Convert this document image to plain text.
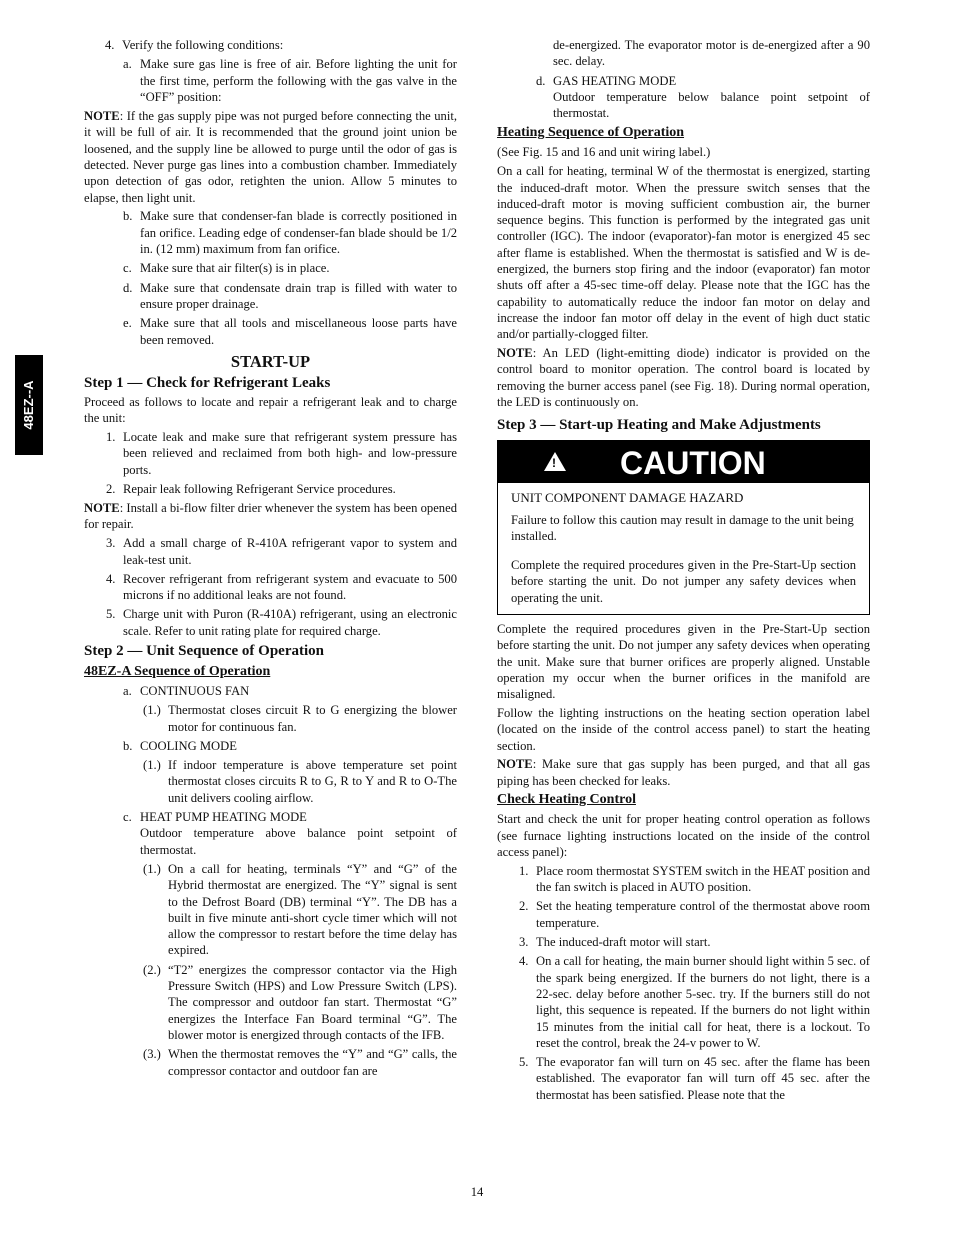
48EZ--A
4. Verify the following conditions:
a. Make sure gas line is free of air. Before lighting the unit for the first time, perform the following with the gas valve in the “OFF” position:

NOTE: If the gas supply pipe was not purged before connecting the unit, it will be full of air. It is recommended that the ground joint union be loosened, and the supply line be allowed to purge until the odor of gas is detected. Never purge gas lines into a combustion chamber. Immediately upon detection of gas odor, retighten the union. Allow 5 minutes to elapse, then light unit.

b. Make sure that condenser-fan blade is correctly positioned in fan orifice. Leading edge of condenser-fan blade should be 1/2 in. (12 mm) maximum from fan orifice.
c. Make sure that air filter(s) is in place.
d. Make sure that condensate drain trap is filled with water to ensure proper drainage.
e. Make sure that all tools and miscellaneous loose parts have been removed.
START-UP
Step 1 — Check for Refrigerant Leaks

Proceed as follows to locate and repair a refrigerant leak and to charge the unit:

1. Locate leak and make sure that refrigerant system pressure has been relieved and reclaimed from both high- and low-pressure ports.
2. Repair leak following Refrigerant Service procedures.

NOTE: Install a bi-flow filter drier whenever the system has been opened for repair.

3. Add a small charge of R-410A refrigerant vapor to system and leak-test unit.
4. Recover refrigerant from refrigerant system and evacuate to 500 microns if no additional leaks are not found.
5. Charge unit with Puron (R-410A) refrigerant, using an electronic scale. Refer to unit rating plate for required charge.
Step 2 — Unit Sequence of Operation
48EZ-A Sequence of Operation
a. CONTINUOUS FAN
(1.) Thermostat closes circuit R to G energizing the blower motor for continuous fan.
b. COOLING MODE
(1.) If indoor temperature is above temperature set point thermostat closes circuits R to G, R to Y and R to O-The unit delivers cooling airflow.
c. HEAT PUMP HEATING MODE
Outdoor temperature above balance point setpoint of thermostat.
(1.) On a call for heating, terminals “Y” and “G” of the Hybrid thermostat are energized. The “Y” signal is sent to the Defrost Board (DB) terminal “Y”. The DB has a built in five minute anti-short cycle timer which will not allow the compressor to restart before the time delay has expired.
(2.) “T2” energizes the compressor contactor via the High Pressure Switch (HPS) and Low Pressure Switch (LPS). The compressor and outdoor fan start. Thermostat “G” energizes the Interface Fan Board terminal “G”. The blower motor is energized through contacts of the IFB.
(3.) When the thermostat removes the “Y” and “G” calls, the compressor contactor and outdoor fan are
de-energized. The evaporator motor is de-energized after a 90 sec. delay.
d. GAS HEATING MODE
Outdoor temperature below balance point setpoint of thermostat.
Heating Sequence of Operation

(See Fig. 15 and 16 and unit wiring label.)

On a call for heating, terminal W of the thermostat is energized, starting the induced-draft motor. When the pressure switch senses that the induced-draft motor is moving sufficient combustion air, the burner sequence begins. This function is performed by the integrated gas unit controller (IGC). The indoor (evaporator)-fan motor is energized 45 sec after flame is established. When the thermostat is satisfied and W is de-energized, the burners stop firing and the indoor (evaporator) fan motor shuts off after a 45-sec time-off delay. Please note that the IGC has the capability to automatically reduce the indoor fan motor on delay and increase the indoor fan motor off delay in the event of high duct static and/or partially-clogged filter.

NOTE: An LED (light-emitting diode) indicator is provided on the control board to monitor operation. The control board is located by removing the burner access panel (see Fig. 18). During normal operation, the LED is continuously on.

Step 3 — Start-up Heating and Make Adjustments
! CAUTION

UNIT COMPONENT DAMAGE HAZARD

Failure to follow this caution may result in damage to the unit being installed.

Complete the required procedures given in the Pre-Start-Up section before starting the unit. Do not jumper any safety devices when operating the unit.

Complete the required procedures given in the Pre-Start-Up section before starting the unit. Do not jumper any safety devices when operating the unit. Make sure that burner orifices are properly aligned. Unstable operation my occur when the burner orifices in the manifold are misaligned.

Follow the lighting instructions on the heating section operation label (located on the inside of the control access panel) to start the heating section.

NOTE: Make sure that gas supply has been purged, and that all gas piping has been checked for leaks.

Check Heating Control

Start and check the unit for proper heating control operation as follows (see furnace lighting instructions located on the inside of the control access panel):

1. Place room thermostat SYSTEM switch in the HEAT position and the fan switch is placed in AUTO position.
2. Set the heating temperature control of the thermostat above room temperature.
3. The induced-draft motor will start.
4. On a call for heating, the main burner should light within 5 sec. of the spark being energized. If the burners do not light, there is a 22-sec. delay before another 5-sec. try. If the burners still do not light, this sequence is repeated. If the burners do not light within 15 minutes from the initial call for heat, there is a lockout. To reset the control, break the 24-v power to W.
5. The evaporator fan will turn on 45 sec. after the flame has been established. The evaporator fan will turn off 45 sec. after the thermostat has been satisfied. Please note that the
14
